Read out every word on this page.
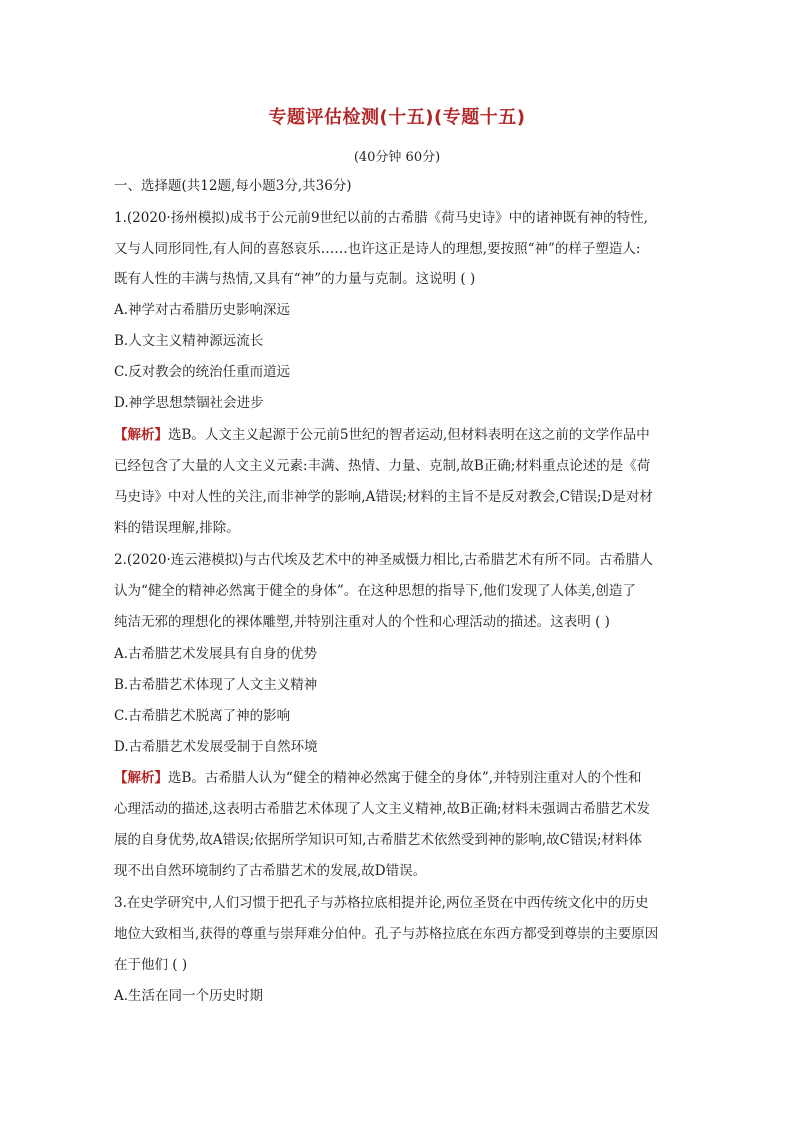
专题评估检测(十五)(专题十五)
(40分钟 60分)
一、选择题(共12题,每小题3分,共36分)
1.(2020·扬州模拟)成书于公元前9世纪以前的古希腊《荷马史诗》中的诸神既有神的特性,
又与人同形同性,有人间的喜怒哀乐……也许这正是诗人的理想,要按照“神”的样子塑造人:
既有人性的丰满与热情,又具有“神”的力量与克制。这说明 ( )
A.神学对古希腊历史影响深远
B.人文主义精神源远流长
C.反对教会的统治任重而道远
D.神学思想禁锢社会进步
【解析】选B。人文主义起源于公元前5世纪的智者运动,但材料表明在这之前的文学作品中
已经包含了大量的人文主义元素:丰满、热情、力量、克制,故B正确;材料重点论述的是《荷
马史诗》中对人性的关注,而非神学的影响,A错误;材料的主旨不是反对教会,C错误;D是对材
料的错误理解,排除。
2.(2020·连云港模拟)与古代埃及艺术中的神圣威慑力相比,古希腊艺术有所不同。古希腊人
认为“健全的精神必然寓于健全的身体”。在这种思想的指导下,他们发现了人体美,创造了
纯洁无邪的理想化的裸体雕塑,并特别注重对人的个性和心理活动的描述。这表明 ( )
A.古希腊艺术发展具有自身的优势
B.古希腊艺术体现了人文主义精神
C.古希腊艺术脱离了神的影响
D.古希腊艺术发展受制于自然环境
【解析】选B。古希腊人认为“健全的精神必然寓于健全的身体”,并特别注重对人的个性和
心理活动的描述,这表明古希腊艺术体现了人文主义精神,故B正确;材料未强调古希腊艺术发
展的自身优势,故A错误;依据所学知识可知,古希腊艺术依然受到神的影响,故C错误;材料体
现不出自然环境制约了古希腊艺术的发展,故D错误。
3.在史学研究中,人们习惯于把孔子与苏格拉底相提并论,两位圣贤在中西传统文化中的历史
地位大致相当,获得的尊重与崇拜难分伯仲。孔子与苏格拉底在东西方都受到尊崇的主要原因
在于他们 ( )
A.生活在同一个历史时期
